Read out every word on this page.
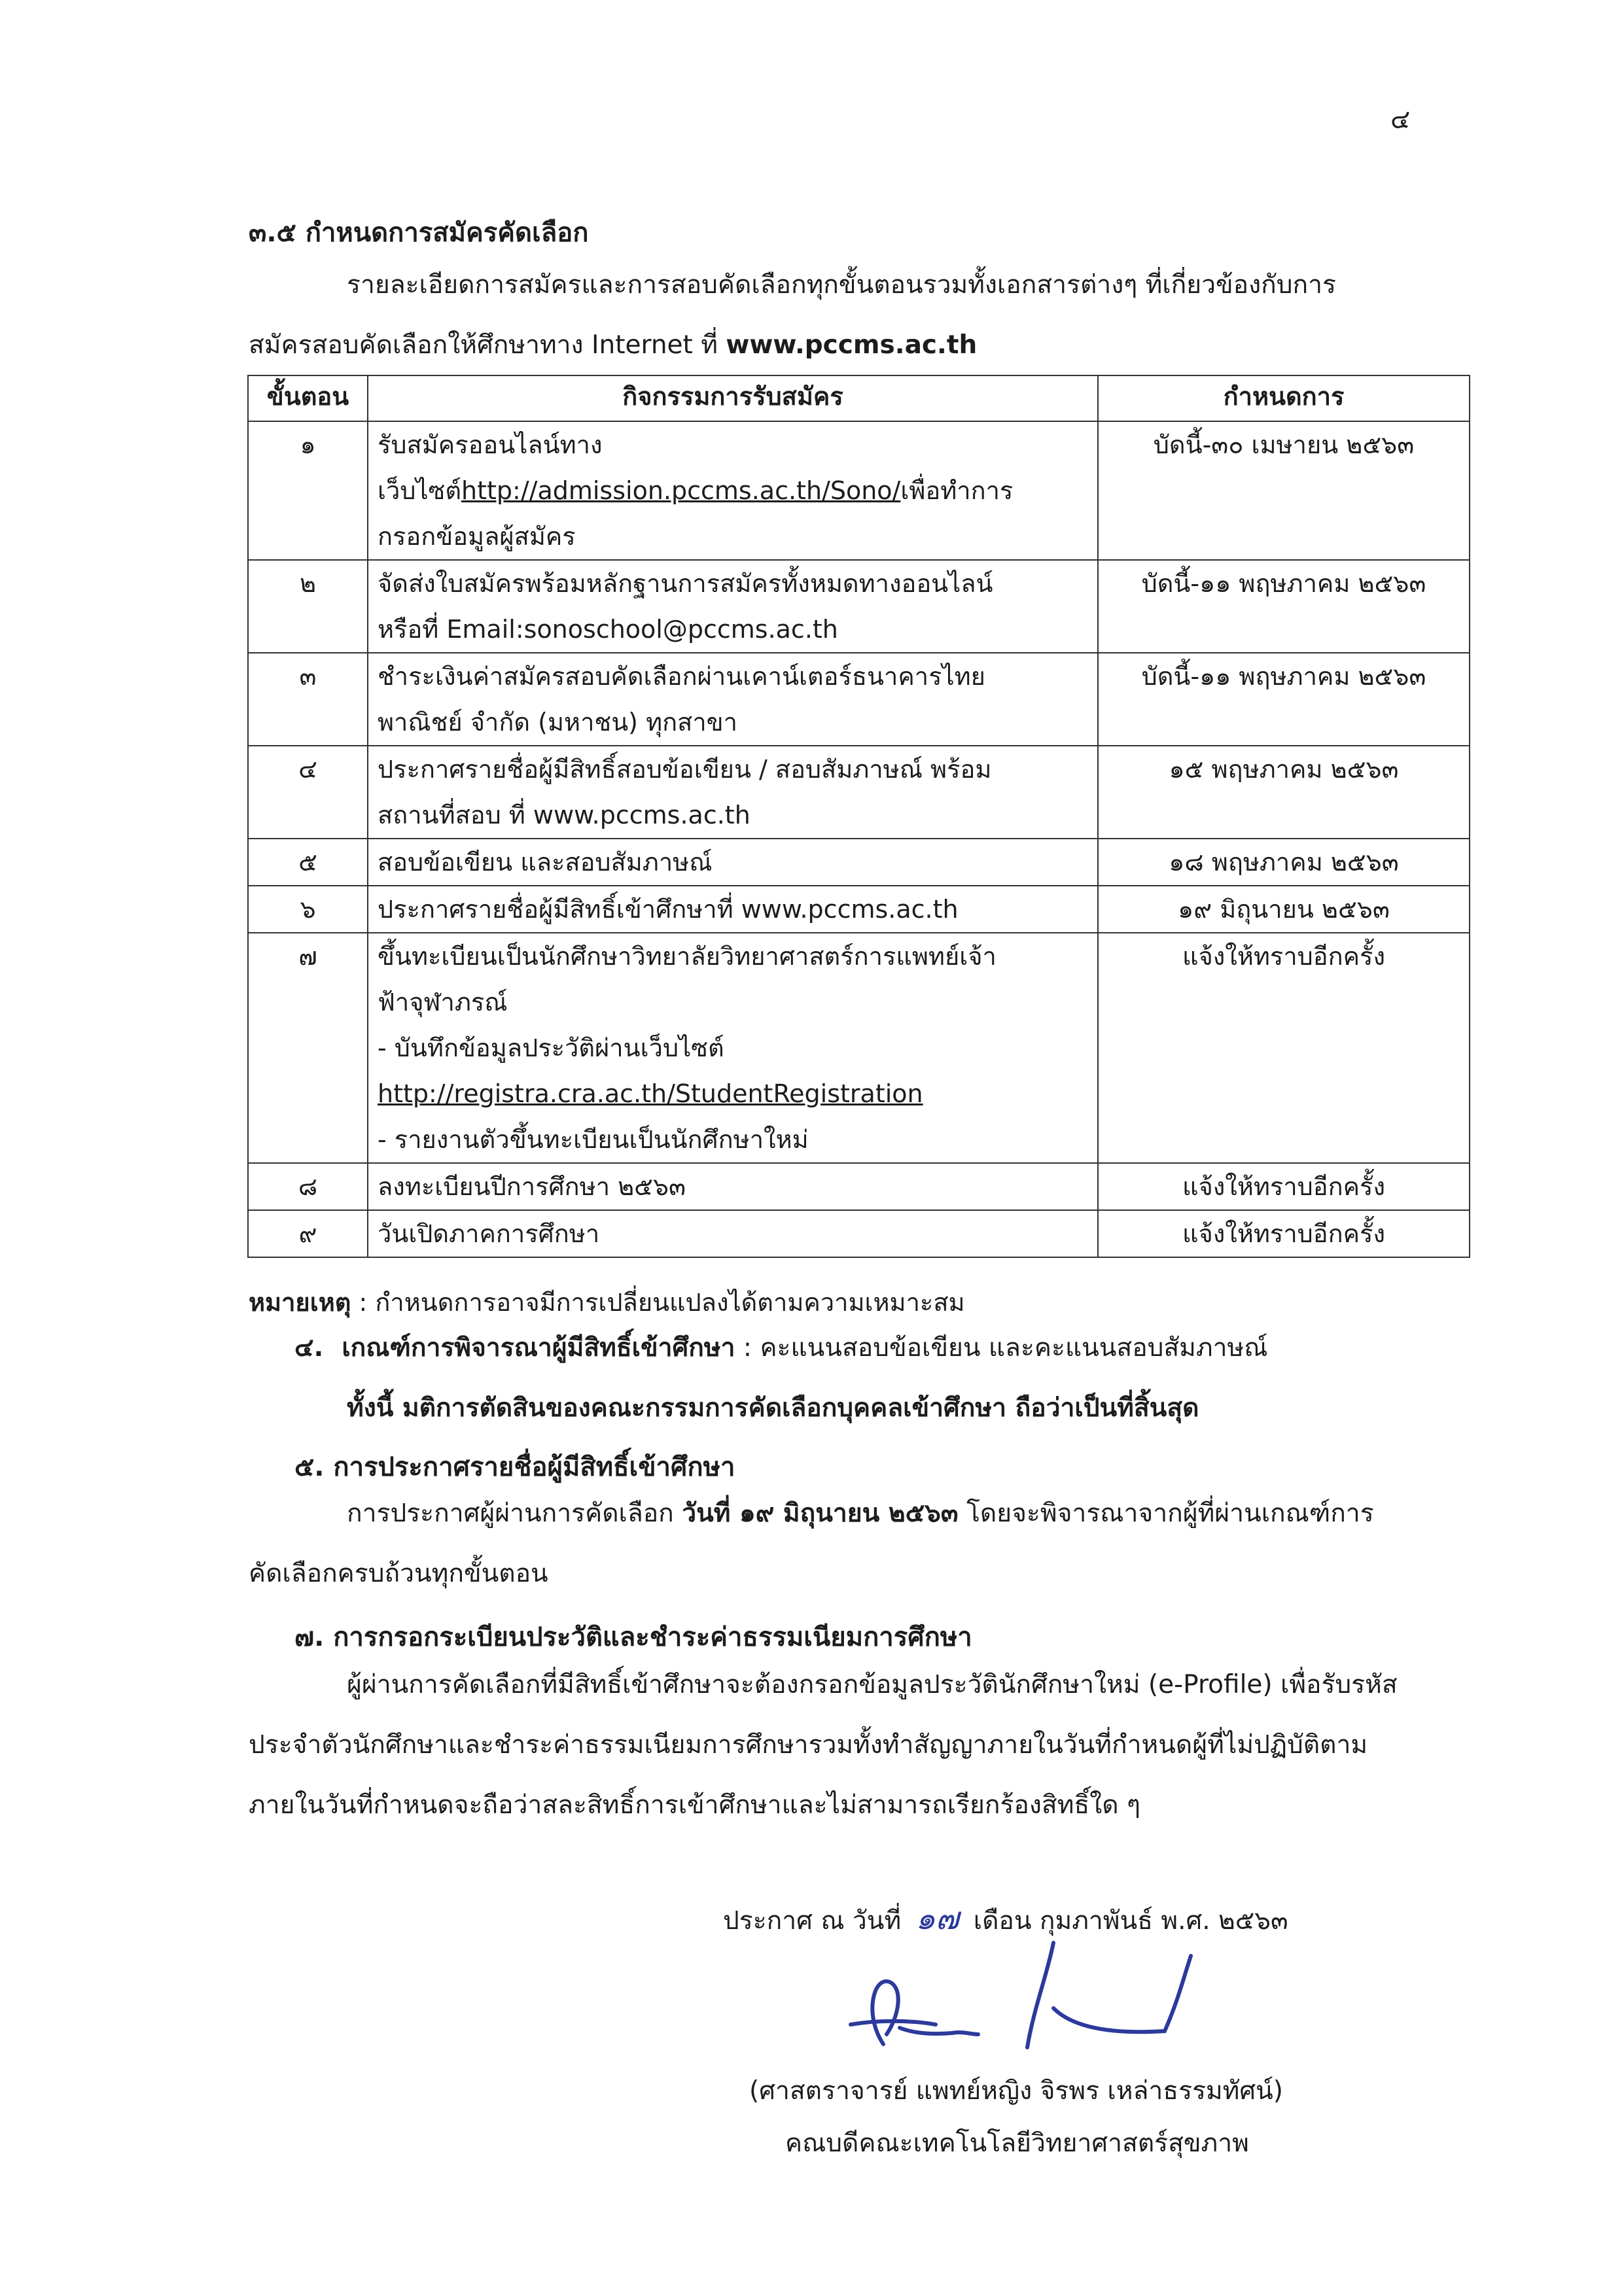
๔
๓.๕ กำหนดการสมัครคัดเลือก
รายละเอียดการสมัครและการสอบคัดเลือกทุกขั้นตอนรวมทั้งเอกสารต่างๆ ที่เกี่ยวข้องกับการ
สมัครสอบคัดเลือกให้ศึกษาทาง Internet ที่ www.pccms.ac.th
ขั้นตอน	กิจกรรมการรับสมัคร	กำหนดการ
๑	รับสมัครออนไลน์ทาง
เว็บไซต์http://admission.pccms.ac.th/Sono/เพื่อทำการ
กรอกข้อมูลผู้สมัคร	บัดนี้-๓๐ เมษายน ๒๕๖๓
๒	จัดส่งใบสมัครพร้อมหลักฐานการสมัครทั้งหมดทางออนไลน์
หรือที่ Email:sonoschool@pccms.ac.th	บัดนี้-๑๑ พฤษภาคม ๒๕๖๓
๓	ชำระเงินค่าสมัครสอบคัดเลือกผ่านเคาน์เตอร์ธนาคารไทย
พาณิชย์ จำกัด (มหาชน) ทุกสาขา	บัดนี้-๑๑ พฤษภาคม ๒๕๖๓
๔	ประกาศรายชื่อผู้มีสิทธิ์สอบข้อเขียน / สอบสัมภาษณ์ พร้อม
สถานที่สอบ ที่ www.pccms.ac.th	๑๕ พฤษภาคม ๒๕๖๓
๕	สอบข้อเขียน และสอบสัมภาษณ์	๑๘ พฤษภาคม ๒๕๖๓
๖	ประกาศรายชื่อผู้มีสิทธิ์เข้าศึกษาที่ www.pccms.ac.th	๑๙ มิถุนายน ๒๕๖๓
๗	ขึ้นทะเบียนเป็นนักศึกษาวิทยาลัยวิทยาศาสตร์การแพทย์เจ้า
ฟ้าจุฬาภรณ์
- บันทึกข้อมูลประวัติผ่านเว็บไซต์
http://registra.cra.ac.th/StudentRegistration
- รายงานตัวขึ้นทะเบียนเป็นนักศึกษาใหม่	แจ้งให้ทราบอีกครั้ง
๘	ลงทะเบียนปีการศึกษา ๒๕๖๓	แจ้งให้ทราบอีกครั้ง
๙	วันเปิดภาคการศึกษา	แจ้งให้ทราบอีกครั้ง
หมายเหตุ : กำหนดการอาจมีการเปลี่ยนแปลงได้ตามความเหมาะสม
๔. เกณฑ์การพิจารณาผู้มีสิทธิ์เข้าศึกษา : คะแนนสอบข้อเขียน และคะแนนสอบสัมภาษณ์
ทั้งนี้ มติการตัดสินของคณะกรรมการคัดเลือกบุคคลเข้าศึกษา ถือว่าเป็นที่สิ้นสุด
๕. การประกาศรายชื่อผู้มีสิทธิ์เข้าศึกษา
การประกาศผู้ผ่านการคัดเลือก วันที่ ๑๙ มิถุนายน ๒๕๖๓ โดยจะพิจารณาจากผู้ที่ผ่านเกณฑ์การ
คัดเลือกครบถ้วนทุกขั้นตอน
๗. การกรอกระเบียนประวัติและชำระค่าธรรมเนียมการศึกษา
ผู้ผ่านการคัดเลือกที่มีสิทธิ์เข้าศึกษาจะต้องกรอกข้อมูลประวัตินักศึกษาใหม่ (e-Profile) เพื่อรับรหัส
ประจำตัวนักศึกษาและชำระค่าธรรมเนียมการศึกษารวมทั้งทำสัญญาภายในวันที่กำหนดผู้ที่ไม่ปฏิบัติตาม
ภายในวันที่กำหนดจะถือว่าสละสิทธิ์การเข้าศึกษาและไม่สามารถเรียกร้องสิทธิ์ใด ๆ
ประกาศ ณ วันที่ ๑๗ เดือน กุมภาพันธ์ พ.ศ. ๒๕๖๓
(ศาสตราจารย์ แพทย์หญิง จิรพร เหล่าธรรมทัศน์)
คณบดีคณะเทคโนโลยีวิทยาศาสตร์สุขภาพ
